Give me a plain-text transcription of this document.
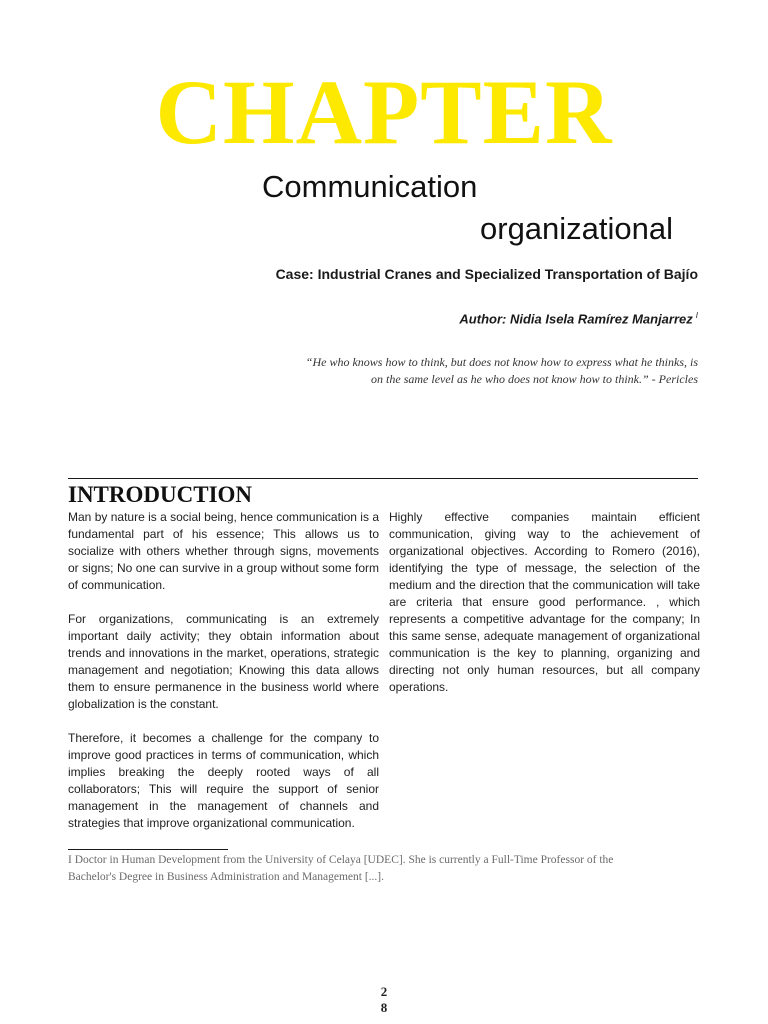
CHAPTER
Communication
organizational
Case: Industrial Cranes and Specialized Transportation of Bajío
Author: Nidia Isela Ramírez Manjarrez $^I$
“He who knows how to think, but does not know how to express what he thinks, is
on the same level as he who does not know how to think.” - Pericles
INTRODUCTION

Man by nature is a social being, hence communication is a fundamental part of his essence; This allows us to socialize with others whether through signs, movements or signs; No one can survive in a group without some form of communication.

For organizations, communicating is an extremely important daily activity; they obtain information about trends and innovations in the market, operations, strategic management and negotiation; Knowing this data allows them to ensure permanence in the business world where globalization is the constant.

Therefore, it becomes a challenge for the company to improve good practices in terms of communication, which implies breaking the deeply rooted ways of all collaborators; This will require the support of senior management in the management of channels and strategies that improve organizational communication.

Highly effective companies maintain efficient communication, giving way to the achievement of organizational objectives. According to Romero (2016), identifying the type of message, the selection of the medium and the direction that the communication will take are criteria that ensure good performance. , which represents a competitive advantage for the company; In this same sense, adequate management of organizational communication is the key to planning, organizing and directing not only human resources, but all company operations.

I Doctor in Human Development from the University of Celaya [UDEC]. She is currently a Full-Time Professor of the
Bachelor's Degree in Business Administration and Management [...].
2
8
